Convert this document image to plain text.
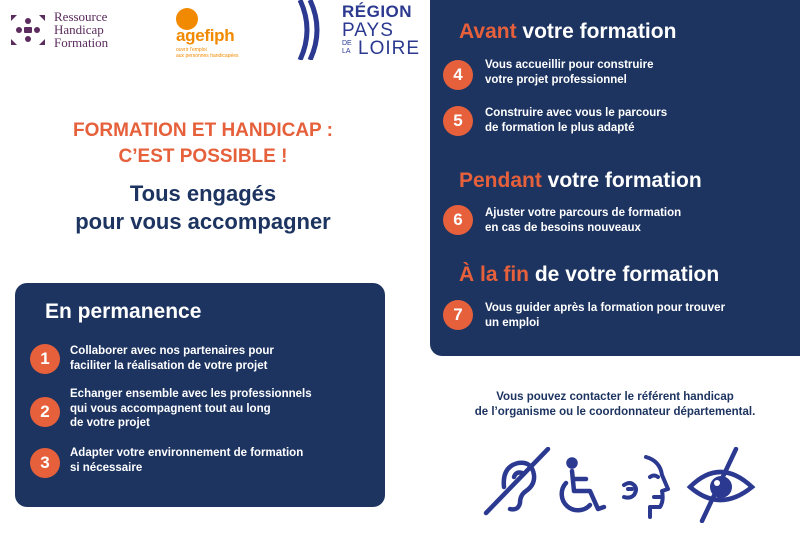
Ressource
Handicap
Formation	agefiph
ouvrir l'emploi
aux personnes handicapées
RÉGION
PAYS
DE
LA LOIRE
FORMATION ET HANDICAP :
C’EST POSSIBLE !
Tous engagés
pour vous accompagner
En permanence
1	Collaborer avec nos partenaires pour
faciliter la réalisation de votre projet
2
Echanger ensemble avec les professionnels
qui vous accompagnent tout au long
de votre projet
3	Adapter votre environnement de formation
si nécessaire
Avant votre formation
4	Vous accueillir pour construire
votre projet professionnel
5	Construire avec vous le parcours
de formation le plus adapté
Pendant votre formation
6	Ajuster votre parcours de formation
en cas de besoins nouveaux
À la fin de votre formation
7	Vous guider après la formation pour trouver
un emploi
Vous pouvez contacter le référent handicap
de l’organisme ou le coordonnateur départemental.
